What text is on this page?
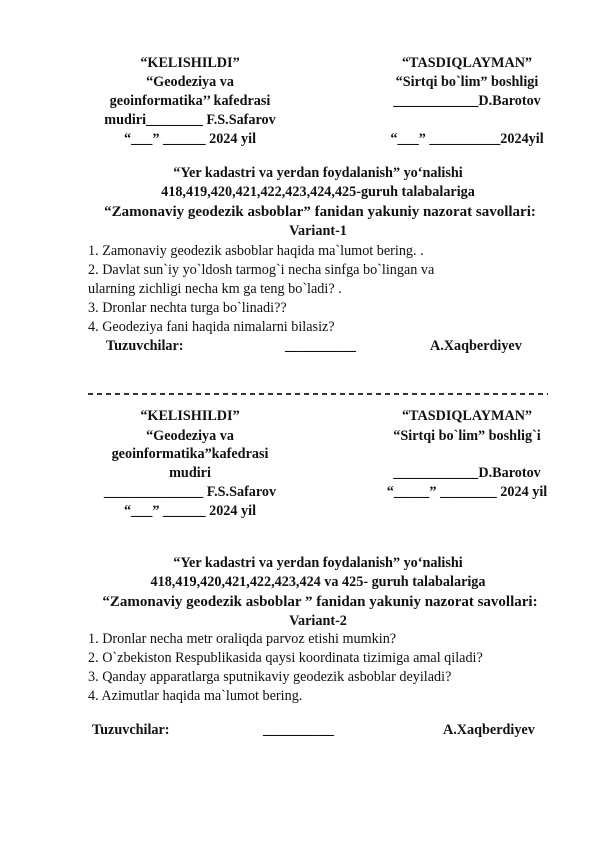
“KELISHILDI”
“Geodeziya va
geoinformatika’’ kafedrasi
mudiri________ F.S.Safarov
“___” ______ 2024 yil
“TASDIQLAYMAN”
“Sirtqi bo`lim” boshligi
____________D.Barotov
“___” __________2024yil
“Yer kadastri va yerdan foydalanish” yo‘nalishi
418,419,420,421,422,423,424,425-guruh talabalariga
“Zamonaviy geodezik asboblar” fanidan yakuniy nazorat savollari:
Variant-1
1. Zamonaviy geodezik asboblar haqida ma`lumot bering. .
2. Davlat sun`iy yo`ldosh tarmog`i necha sinfga bo`lingan va
ularning zichligi necha km ga teng bo`ladi? .
3. Dronlar nechta turga bo`linadi??
4. Geodeziya fani haqida nimalarni bilasiz?
Tuzuvchilar:	__________	A.Xaqberdiyev
“KELISHILDI”
“Geodeziya va
geoinformatika”kafedrasi
mudiri
______________ F.S.Safarov
“___” ______ 2024 yil
“TASDIQLAYMAN”
“Sirtqi bo`lim” boshlig`i
____________D.Barotov
“_____” ________ 2024 yil
“Yer kadastri va yerdan foydalanish” yo‘nalishi
418,419,420,421,422,423,424 va 425- guruh talabalariga
“Zamonaviy geodezik asboblar ” fanidan yakuniy nazorat savollari:
Variant-2
1. Dronlar necha metr oraliqda parvoz etishi mumkin?
2. O`zbekiston Respublikasida qaysi koordinata tizimiga amal qiladi?
3. Qanday apparatlarga sputnikaviy geodezik asboblar deyiladi?
4. Azimutlar haqida ma`lumot bering.
Tuzuvchilar:	__________	A.Xaqberdiyev
